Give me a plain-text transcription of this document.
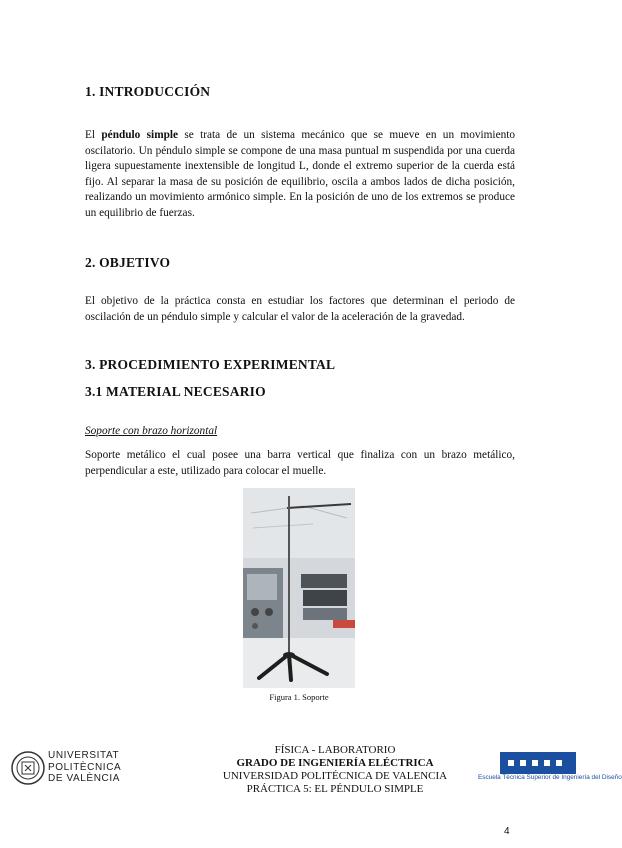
1. INTRODUCCIÓN

El péndulo simple se trata de un sistema mecánico que se mueve en un movimiento oscilatorio. Un péndulo simple se compone de una masa puntual m suspendida por una cuerda ligera supuestamente inextensible de longitud L, donde el extremo superior de la cuerda está fijo. Al separar la masa de su posición de equilibrio, oscila a ambos lados de dicha posición, realizando un movimiento armónico simple. En la posición de uno de los extremos se produce un equilibrio de fuerzas.

2. OBJETIVO

El objetivo de la práctica consta en estudiar los factores que determinan el periodo de oscilación de un péndulo simple y calcular el valor de la aceleración de la gravedad.

3. PROCEDIMIENTO EXPERIMENTAL
3.1 MATERIAL NECESARIO
Soporte con brazo horizontal

Soporte metálico el cual posee una barra vertical que finaliza con un brazo metálico, perpendicular a este, utilizado para colocar el muelle.

Figura 1. Soporte
UNIVERSITAT
POLITÈCNICA
DE VALÈNCIA
FÍSICA - LABORATORIO
GRADO DE INGENIERÍA ELÉCTRICA
UNIVERSIDAD POLITÉCNICA DE VALENCIA
PRÁCTICA 5: EL PÉNDULO SIMPLE
Escuela Técnica Superior de Ingeniería del Diseño
4
